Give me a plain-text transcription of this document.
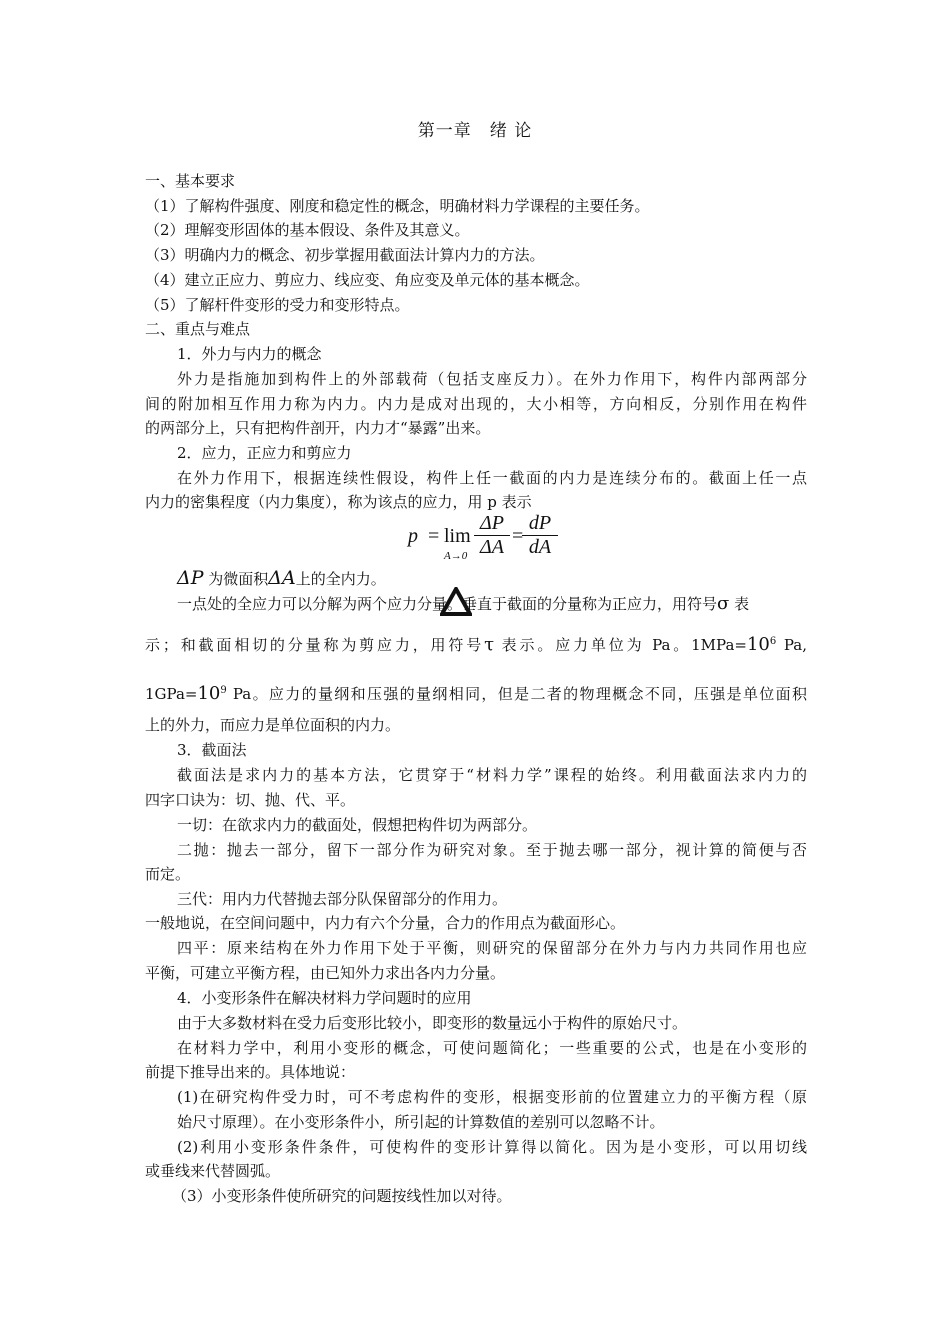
第一章　绪 论
一、基本要求
（1）了解构件强度、刚度和稳定性的概念，明确材料力学课程的主要任务。
（2）理解变形固体的基本假设、条件及其意义。
（3）明确内力的概念、初步掌握用截面法计算内力的方法。
（4）建立正应力、剪应力、线应变、角应变及单元体的基本概念。
（5）了解杆件变形的受力和变形特点。
二、重点与难点
1．外力与内力的概念
外力是指施加到构件上的外部载荷（包括支座反力）。在外力作用下，构件内部两部分
间的附加相互作用力称为内力。内力是成对出现的，大小相等，方向相反，分别作用在构件
的两部分上，只有把构件剖开，内力才“暴露”出来。
2．应力，正应力和剪应力
在外力作用下，根据连续性假设，构件上任一截面的内力是连续分布的。截面上任一点
内力的密集程度（内力集度），称为该点的应力，用 p 表示
p = lim
$A\to 0 \frac{\Delta P}{\Delta A}$ =
$\frac{dP}{dA}$
ΔP 为微面积ΔA上的全内力。
一点处的全应力可以分解为两个应力分量。垂直于截面的分量称为正应力，用符号σ 表
示；和截面相切的分量称为剪应力，用符号τ 表示。应力单位为 Pa。$1MPa=10^6$ Pa,
$1GPa=10^9$ Pa。应力的量纲和压强的量纲相同，但是二者的物理概念不同，压强是单位面积
上的外力，而应力是单位面积的内力。
3．截面法
截面法是求内力的基本方法，它贯穿于“材料力学”课程的始终。利用截面法求内力的
四字口诀为：切、抛、代、平。
一切：在欲求内力的截面处，假想把构件切为两部分。
二抛：抛去一部分，留下一部分作为研究对象。至于抛去哪一部分，视计算的简便与否
而定。
三代：用内力代替抛去部分队保留部分的作用力。
一般地说，在空间问题中，内力有六个分量，合力的作用点为截面形心。
四平：原来结构在外力作用下处于平衡，则研究的保留部分在外力与内力共同作用也应
平衡，可建立平衡方程，由已知外力求出各内力分量。
4．小变形条件在解决材料力学问题时的应用
由于大多数材料在受力后变形比较小，即变形的数量远小于构件的原始尺寸。
在材料力学中，利用小变形的概念，可使问题简化；一些重要的公式，也是在小变形的
前提下推导出来的。具体地说：
(1)在研究构件受力时，可不考虑构件的变形，根据变形前的位置建立力的平衡方程（原
始尺寸原理）。在小变形条件小，所引起的计算数值的差别可以忽略不计。
(2)利用小变形条件条件，可使构件的变形计算得以简化。因为是小变形，可以用切线
或垂线来代替圆弧。
（3）小变形条件使所研究的问题按线性加以对待。
